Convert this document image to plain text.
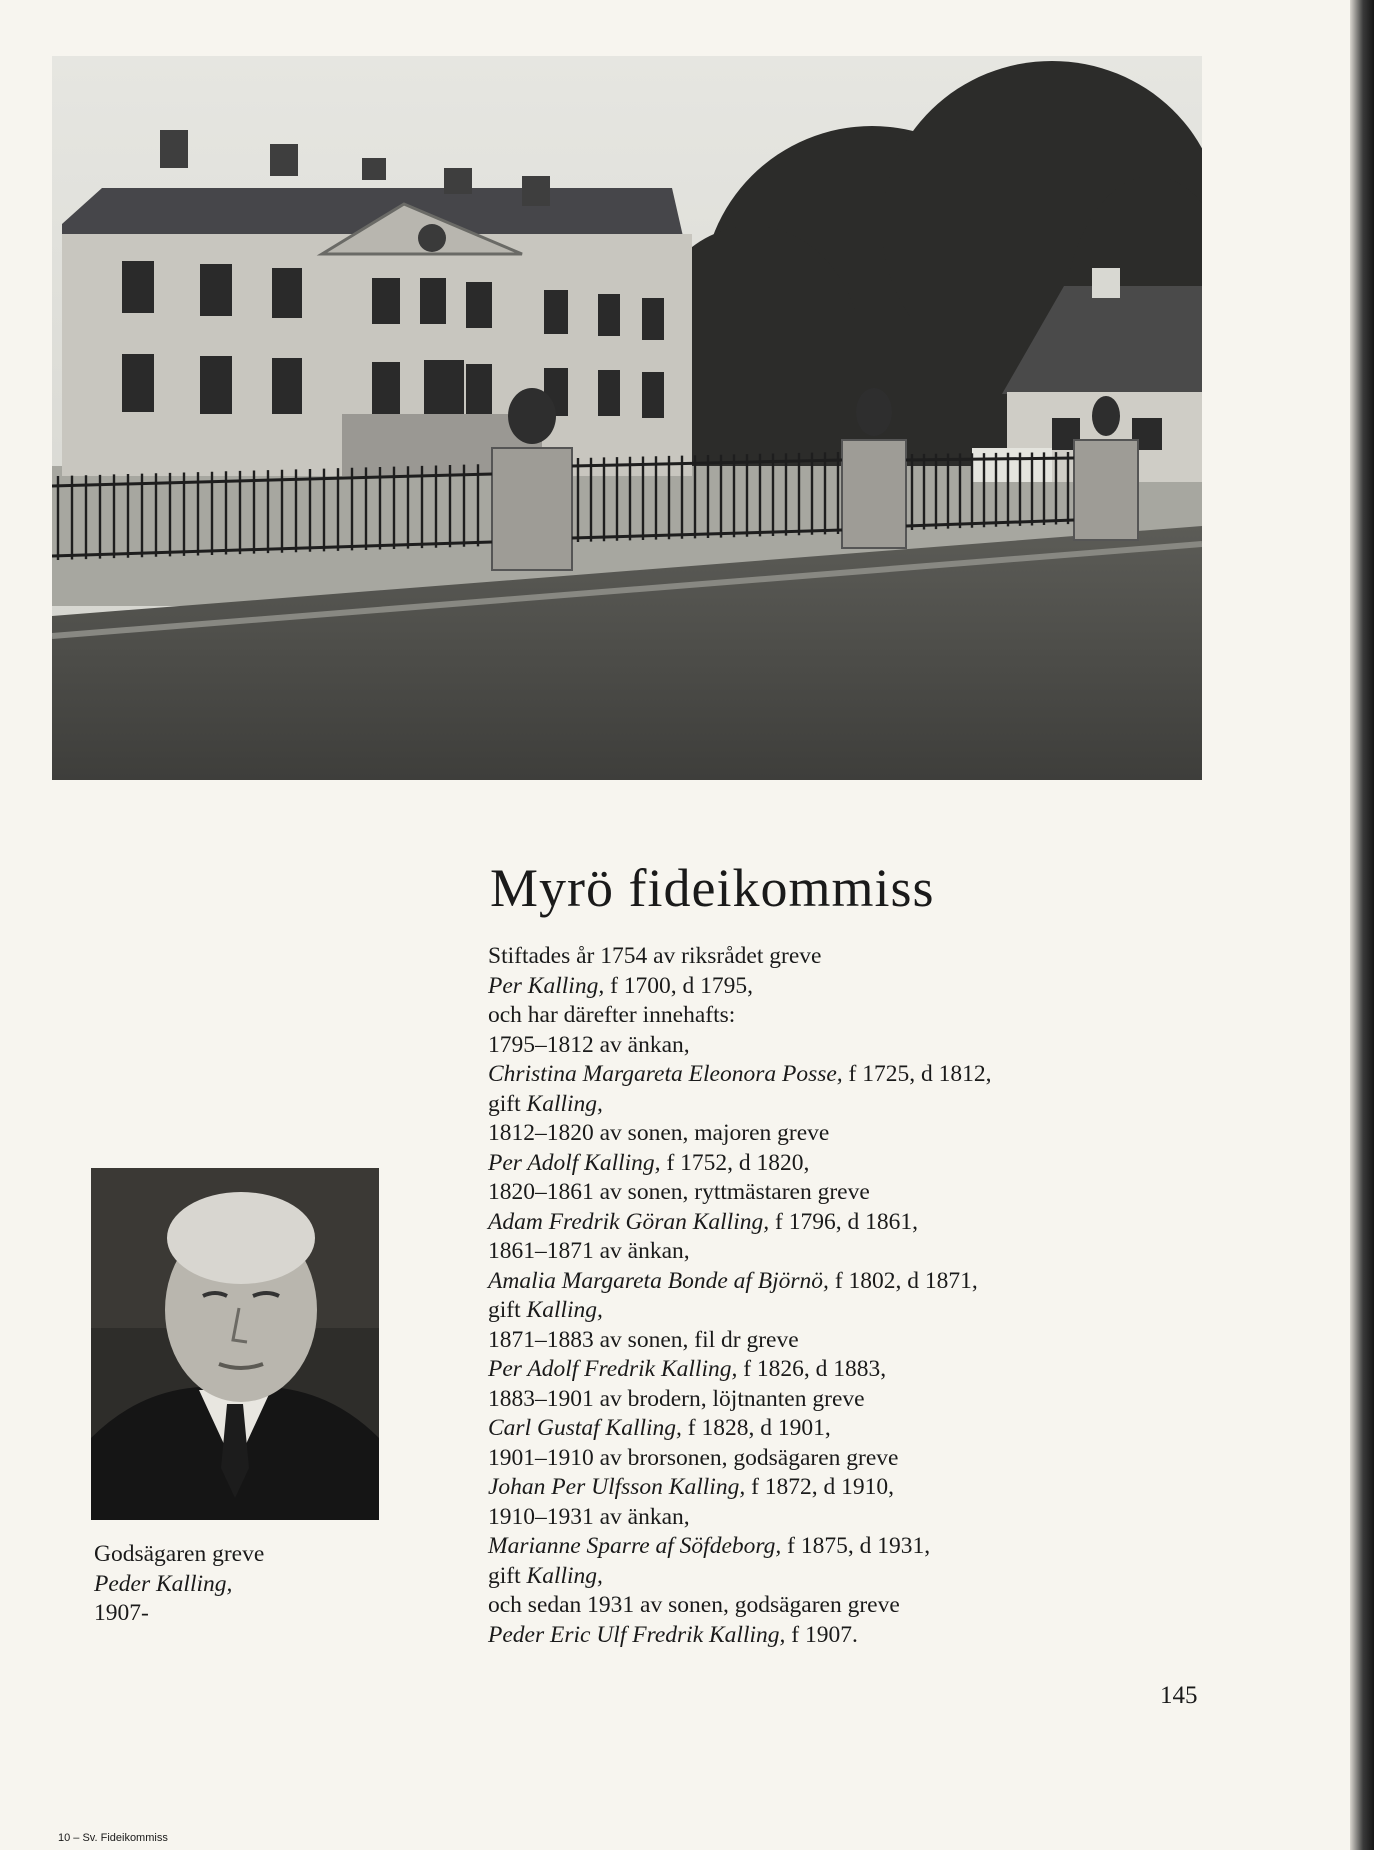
Myrö fideikommiss
Stiftades år 1754 av riksrådet greve
Per Kalling, f 1700, d 1795,
och har därefter innehafts:
1795–1812 av änkan,
Christina Margareta Eleonora Posse, f 1725, d 1812,
gift Kalling,
1812–1820 av sonen, majoren greve
Per Adolf Kalling, f 1752, d 1820,
1820–1861 av sonen, ryttmästaren greve
Adam Fredrik Göran Kalling, f 1796, d 1861,
1861–1871 av änkan,
Amalia Margareta Bonde af Björnö, f 1802, d 1871,
gift Kalling,
1871–1883 av sonen, fil dr greve
Per Adolf Fredrik Kalling, f 1826, d 1883,
1883–1901 av brodern, löjtnanten greve
Carl Gustaf Kalling, f 1828, d 1901,
1901–1910 av brorsonen, godsägaren greve
Johan Per Ulfsson Kalling, f 1872, d 1910,
1910–1931 av änkan,
Marianne Sparre af Söfdeborg, f 1875, d 1931,
gift Kalling,
och sedan 1931 av sonen, godsägaren greve
Peder Eric Ulf Fredrik Kalling, f 1907.
Godsägaren greve
Peder Kalling,
1907-
145
10 – Sv. Fideikommiss
